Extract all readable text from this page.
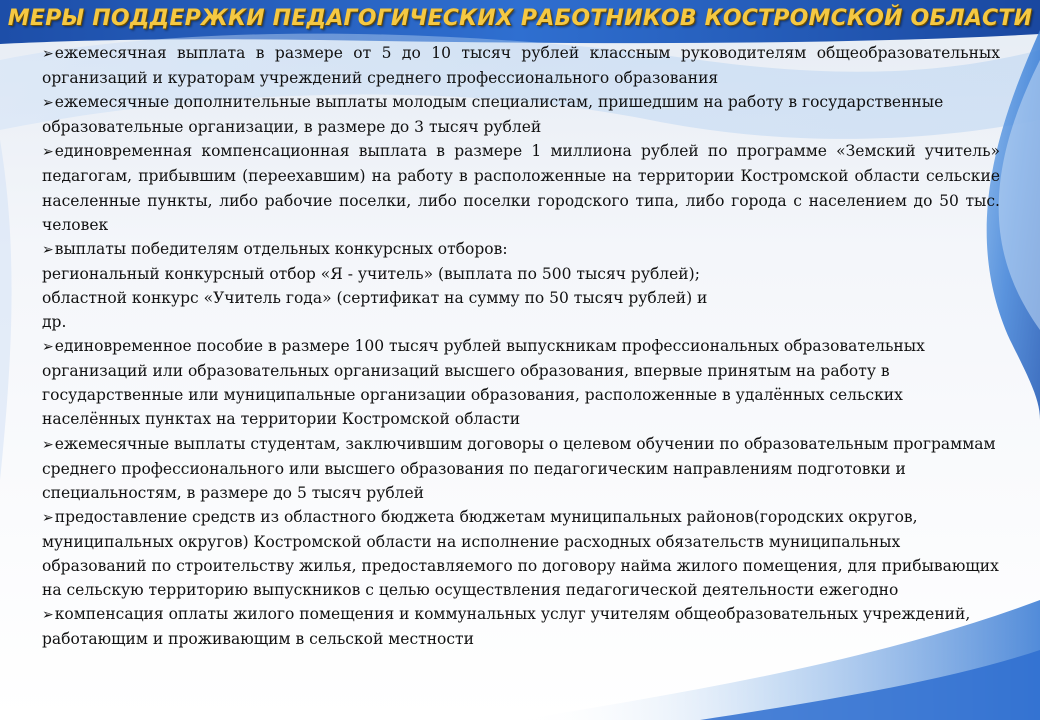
МЕРЫ ПОДДЕРЖКИ ПЕДАГОГИЧЕСКИХ РАБОТНИКОВ КОСТРОМСКОЙ ОБЛАСТИ

➢ежемесячная выплата в размере от 5 до 10 тысяч рублей классным руководителям общеобразовательных организаций и кураторам учреждений среднего профессионального образования

➢ежемесячные дополнительные выплаты молодым специалистам, пришедшим на работу в государственные образовательные организации, в размере до 3 тысяч рублей

➢единовременная компенсационная выплата в размере 1 миллиона рублей по программе «Земский учитель» педагогам, прибывшим (переехавшим) на работу в расположенные на территории Костромской области сельские населенные пункты, либо рабочие поселки, либо поселки городского типа, либо города с населением до 50 тыс. человек

➢выплаты победителям отдельных конкурсных отборов:
региональный конкурсный отбор «Я - учитель» (выплата по 500 тысяч рублей);
областной конкурс «Учитель года» (сертификат на сумму по 50 тысяч рублей) и
др.

➢единовременное пособие в размере 100 тысяч рублей выпускникам профессиональных образовательных организаций или образовательных организаций высшего образования, впервые принятым на работу в государственные или муниципальные организации образования, расположенные в удалённых сельских населённых пунктах на территории Костромской области

➢ежемесячные выплаты студентам, заключившим договоры о целевом обучении по образовательным программам среднего профессионального или высшего образования по педагогическим направлениям подготовки и специальностям, в размере до 5 тысяч рублей

➢предоставление средств из областного бюджета бюджетам муниципальных районов(городских округов, муниципальных округов) Костромской области на исполнение расходных обязательств муниципальных образований по строительству жилья, предоставляемого по договору найма жилого помещения, для прибывающих на сельскую территорию выпускников с целью осуществления педагогической деятельности ежегодно

➢компенсация оплаты жилого помещения и коммунальных услуг учителям общеобразовательных учреждений, работающим и проживающим в сельской местности
